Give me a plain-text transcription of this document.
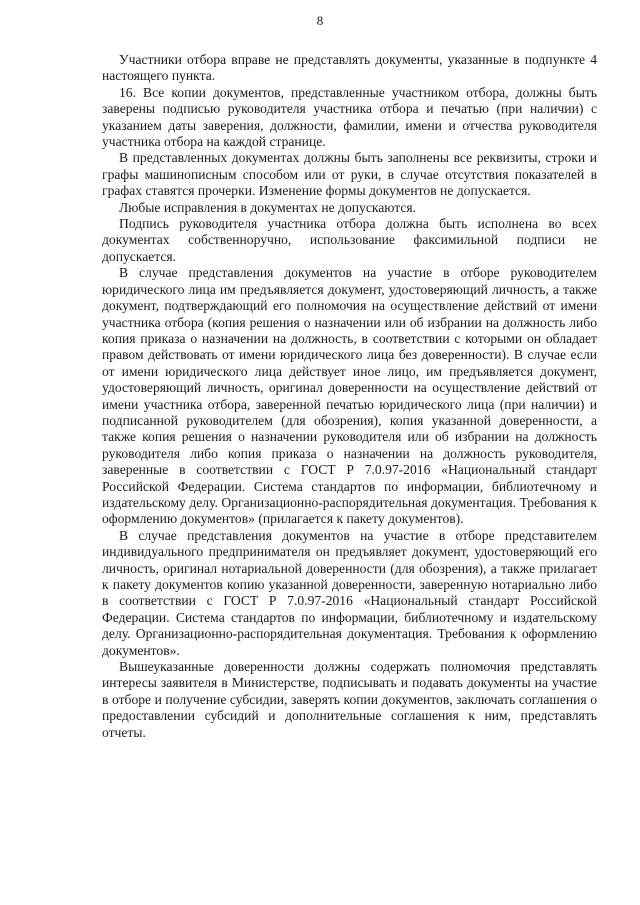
8

Участники отбора вправе не представлять документы, указанные в подпункте 4 настоящего пункта.

16. Все копии документов, представленные участником отбора, должны быть заверены подписью руководителя участника отбора и печатью (при наличии) с указанием даты заверения, должности, фамилии, имени и отчества руководителя участника отбора на каждой странице.

В представленных документах должны быть заполнены все реквизиты, строки и графы машинописным способом или от руки, в случае отсутствия показателей в графах ставятся прочерки. Изменение формы документов не допускается.

Любые исправления в документах не допускаются.

Подпись руководителя участника отбора должна быть исполнена во всех документах собственноручно, использование факсимильной подписи не допускается.

В случае представления документов на участие в отборе руководителем юридического лица им предъявляется документ, удостоверяющий личность, а также документ, подтверждающий его полномочия на осуществление действий от имени участника отбора (копия решения о назначении или об избрании на должность либо копия приказа о назначении на должность, в соответствии с которыми он обладает правом действовать от имени юридического лица без доверенности). В случае если от имени юридического лица действует иное лицо, им предъявляется документ, удостоверяющий личность, оригинал доверенности на осуществление действий от имени участника отбора, заверенной печатью юридического лица (при наличии) и подписанной руководителем (для обозрения), копия указанной доверенности, а также копия решения о назначении руководителя или об избрании на должность руководителя либо копия приказа о назначении на должность руководителя, заверенные в соответствии с ГОСТ Р 7.0.97-2016 «Национальный стандарт Российской Федерации. Система стандартов по информации, библиотечному и издательскому делу. Организационно-распорядительная документация. Требования к оформлению документов» (прилагается к пакету документов).

В случае представления документов на участие в отборе представителем индивидуального предпринимателя он предъявляет документ, удостоверяющий его личность, оригинал нотариальной доверенности (для обозрения), а также прилагает к пакету документов копию указанной доверенности, заверенную нотариально либо в соответствии с ГОСТ Р 7.0.97-2016 «Национальный стандарт Российской Федерации. Система стандартов по информации, библиотечному и издательскому делу. Организационно-распорядительная документация. Требования к оформлению документов».

Вышеуказанные доверенности должны содержать полномочия представлять интересы заявителя в Министерстве, подписывать и подавать документы на участие в отборе и получение субсидии, заверять копии документов, заключать соглашения о предоставлении субсидий и дополнительные соглашения к ним, представлять отчеты.
